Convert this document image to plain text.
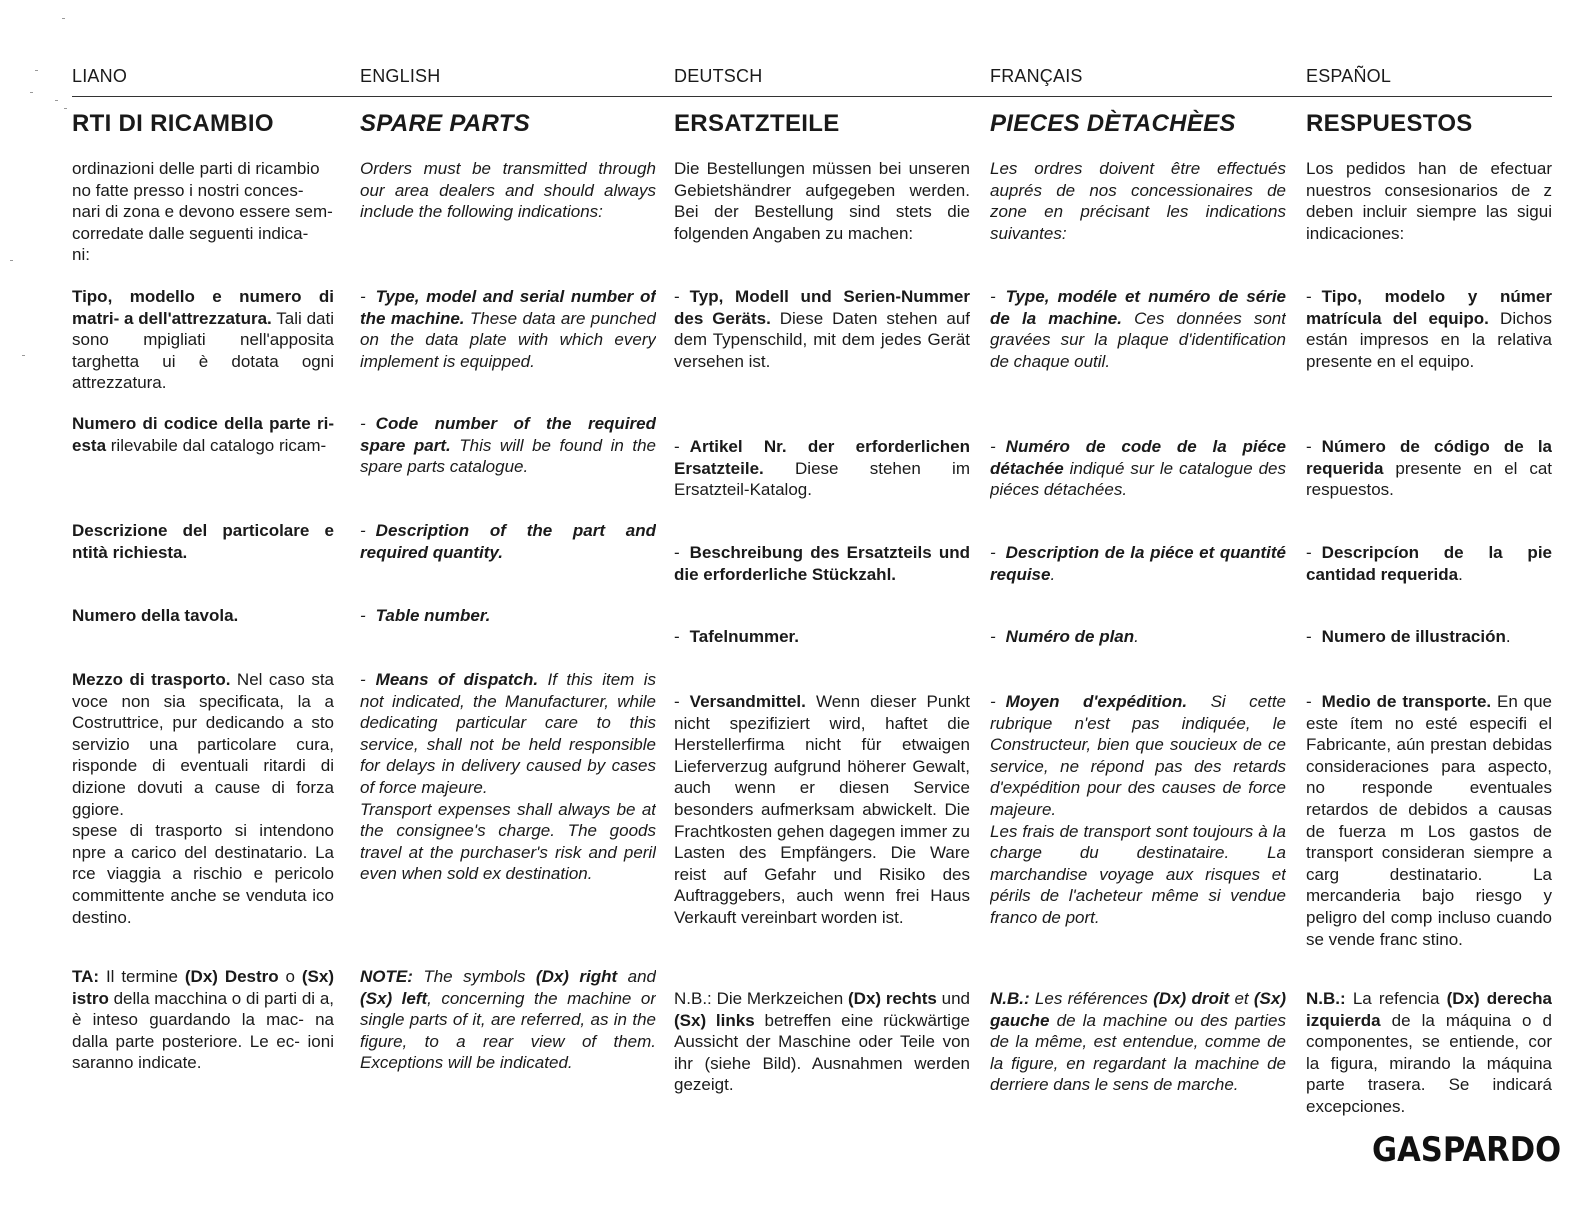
LIANO
RTI DI RICAMBIO
ordinazioni delle parti di ricambio
no fatte presso i nostri conces-
nari di zona e devono essere sem-
corredate dalle seguenti indica-
ni:
Tipo, modello e numero di matri- a dell'attrezzatura. Tali dati sono mpigliati nell'apposita targhetta ui è dotata ogni attrezzatura.
Numero di codice della parte ri- esta rilevabile dal catalogo ricam-
Descrizione del particolare e ntità richiesta.
Numero della tavola.
Mezzo di trasporto. Nel caso sta voce non sia specificata, la a Costruttrice, pur dedicando a sto servizio una particolare cura, risponde di eventuali ritardi di dizione dovuti a cause di forza ggiore.
spese di trasporto si intendono npre a carico del destinatario. La rce viaggia a rischio e pericolo committente anche se venduta ico destino.
TA: Il termine (Dx) Destro o (Sx) istro della macchina o di parti di a, è inteso guardando la mac- na dalla parte posteriore. Le ec- ioni saranno indicate.
ENGLISH
SPARE PARTS
Orders must be transmitted through our area dealers and should always include the following indications:
- Type, model and serial number of the machine. These data are punched on the data plate with which every implement is equipped.
- Code number of the required spare part. This will be found in the spare parts catalogue.
- Description of the part and required quantity.
- Table number.
- Means of dispatch. If this item is not indicated, the Manufacturer, while dedicating particular care to this service, shall not be held responsible for delays in delivery caused by cases of force majeure.
Transport expenses shall always be at the consignee's charge. The goods travel at the purchaser's risk and peril even when sold ex destination.
NOTE: The symbols (Dx) right and (Sx) left, concerning the machine or single parts of it, are referred, as in the figure, to a rear view of them. Exceptions will be indicated.
DEUTSCH
ERSATZTEILE
Die Bestellungen müssen bei unseren Gebietshändrer aufgegeben werden. Bei der Bestellung sind stets die folgenden Angaben zu machen:
- Typ, Modell und Serien-Nummer des Geräts. Diese Daten stehen auf dem Typenschild, mit dem jedes Gerät versehen ist.
- Artikel Nr. der erforderlichen Ersatzteile. Diese stehen im Ersatzteil-Katalog.
- Beschreibung des Ersatzteils und die erforderliche Stückzahl.
- Tafelnummer.
- Versandmittel. Wenn dieser Punkt nicht spezifiziert wird, haftet die Herstellerfirma nicht für etwaigen Lieferverzug aufgrund höherer Gewalt, auch wenn er diesen Service besonders aufmerksam abwickelt. Die Frachtkosten gehen dagegen immer zu Lasten des Empfängers. Die Ware reist auf Gefahr und Risiko des Auftraggebers, auch wenn frei Haus Verkauft vereinbart worden ist.
N.B.: Die Merkzeichen (Dx) rechts und (Sx) links betreffen eine rückwärtige Aussicht der Maschine oder Teile von ihr (siehe Bild). Ausnahmen werden gezeigt.
FRANÇAIS
PIECES DÈTACHÈES
Les ordres doivent être effectués auprés de nos concessionaires de zone en précisant les indications suivantes:
- Type, modéle et numéro de série de la machine. Ces données sont gravées sur la plaque d'identification de chaque outil.
- Numéro de code de la piéce détachée indiqué sur le catalogue des piéces détachées.
- Description de la piéce et quantité requise.
- Numéro de plan.
- Moyen d'expédition. Si cette rubrique n'est pas indiquée, le Constructeur, bien que soucieux de ce service, ne répond pas des retards d'expédition pour des causes de force majeure.
Les frais de transport sont toujours à la charge du destinataire. La marchandise voyage aux risques et périls de l'acheteur même si vendue franco de port.
N.B.: Les références (Dx) droit et (Sx) gauche de la machine ou des parties de la même, est entendue, comme de la figure, en regardant la machine de derriere dans le sens de marche.
ESPAÑOL
RESPUESTOS
Los pedidos han de efectuar nuestros consesionarios de z deben incluir siempre las sigui indicaciones:
- Tipo, modelo y númer matrícula del equipo. Dichos están impresos en la relativa presente en el equipo.
- Número de código de la requerida presente en el cat respuestos.
- Descripcíon de la pie cantidad requerida.
- Numero de illustración.
- Medio de transporte. En que este ítem no esté especifi el Fabricante, aún prestan debidas consideraciones para aspecto, no responde eventuales retardos de debidos a causas de fuerza m Los gastos de transport consideran siempre a carg destinatario. La mercanderia bajo riesgo y peligro del comp incluso cuando se vende franc stino.
N.B.: La refencia (Dx) derecha izquierda de la máquina o d componentes, se entiende, cor la figura, mirando la máquina parte trasera. Se indicará excepciones.
GASPARDO
